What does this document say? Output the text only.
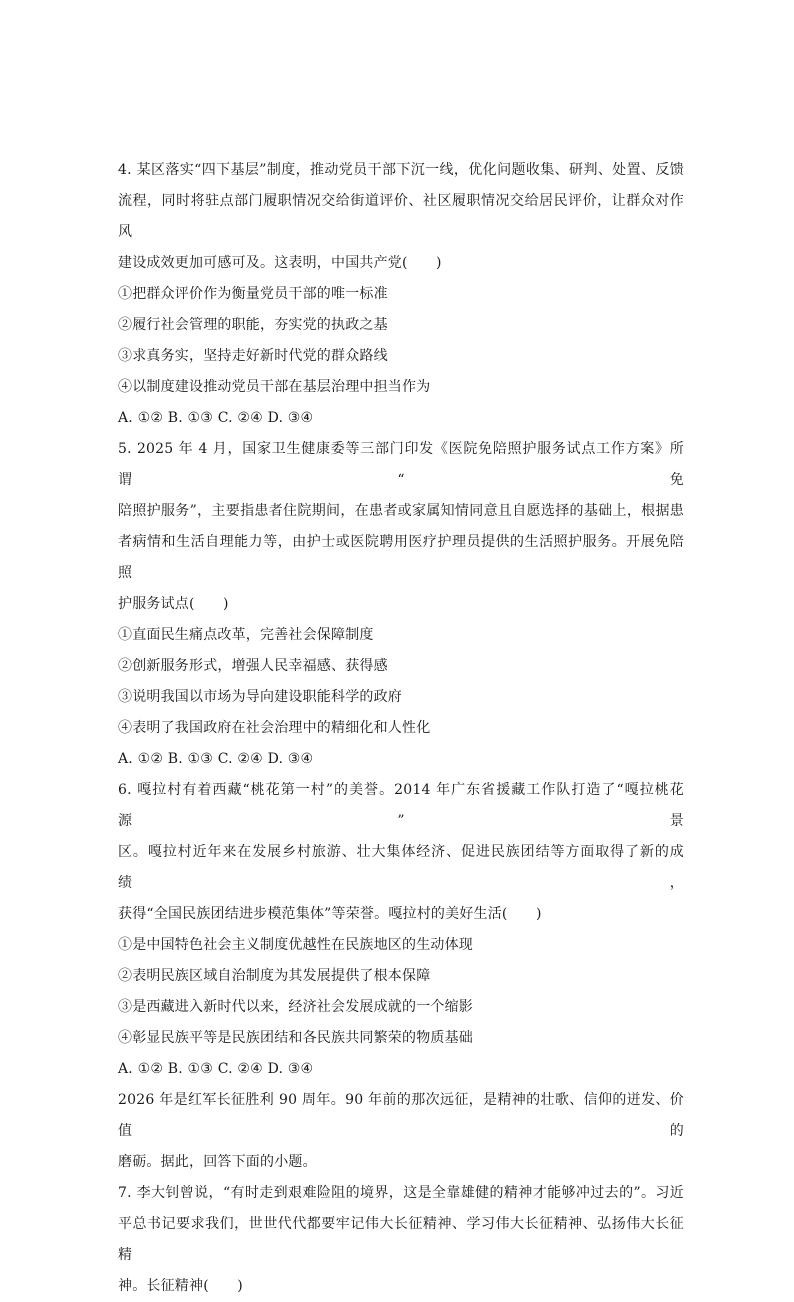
4. 某区落实“四下基层”制度，推动党员干部下沉一线，优化问题收集、研判、处置、反馈
流程，同时将驻点部门履职情况交给街道评价、社区履职情况交给居民评价，让群众对作风
建设成效更加可感可及。这表明，中国共产党(　　)
①把群众评价作为衡量党员干部的唯一标准
②履行社会管理的职能，夯实党的执政之基
③求真务实，坚持走好新时代党的群众路线
④以制度建设推动党员干部在基层治理中担当作为
A. ①② B. ①③ C. ②④ D. ③④
5. 2025 年 4 月，国家卫生健康委等三部门印发《医院免陪照护服务试点工作方案》所谓“免
陪照护服务”，主要指患者住院期间，在患者或家属知情同意且自愿选择的基础上，根据患
者病情和生活自理能力等，由护士或医院聘用医疗护理员提供的生活照护服务。开展免陪照
护服务试点(　　)
①直面民生痛点改革，完善社会保障制度
②创新服务形式，增强人民幸福感、获得感
③说明我国以市场为导向建设职能科学的政府
④表明了我国政府在社会治理中的精细化和人性化
A. ①② B. ①③ C. ②④ D. ③④
6. 嘎拉村有着西藏“桃花第一村”的美誉。2014 年广东省援藏工作队打造了“嘎拉桃花源”景
区。嘎拉村近年来在发展乡村旅游、壮大集体经济、促进民族团结等方面取得了新的成绩，
获得“全国民族团结进步模范集体”等荣誉。嘎拉村的美好生活(　　)
①是中国特色社会主义制度优越性在民族地区的生动体现
②表明民族区域自治制度为其发展提供了根本保障
③是西藏进入新时代以来，经济社会发展成就的一个缩影
④彰显民族平等是民族团结和各民族共同繁荣的物质基础
A. ①② B. ①③ C. ②④ D. ③④
2026 年是红军长征胜利 90 周年。90 年前的那次远征，是精神的壮歌、信仰的迸发、价值的
磨砺。据此，回答下面的小题。
7. 李大钊曾说，“有时走到艰难险阻的境界，这是全靠雄健的精神才能够冲过去的”。习近
平总书记要求我们，世世代代都要牢记伟大长征精神、学习伟大长征精神、弘扬伟大长征精
神。长征精神(　　)
